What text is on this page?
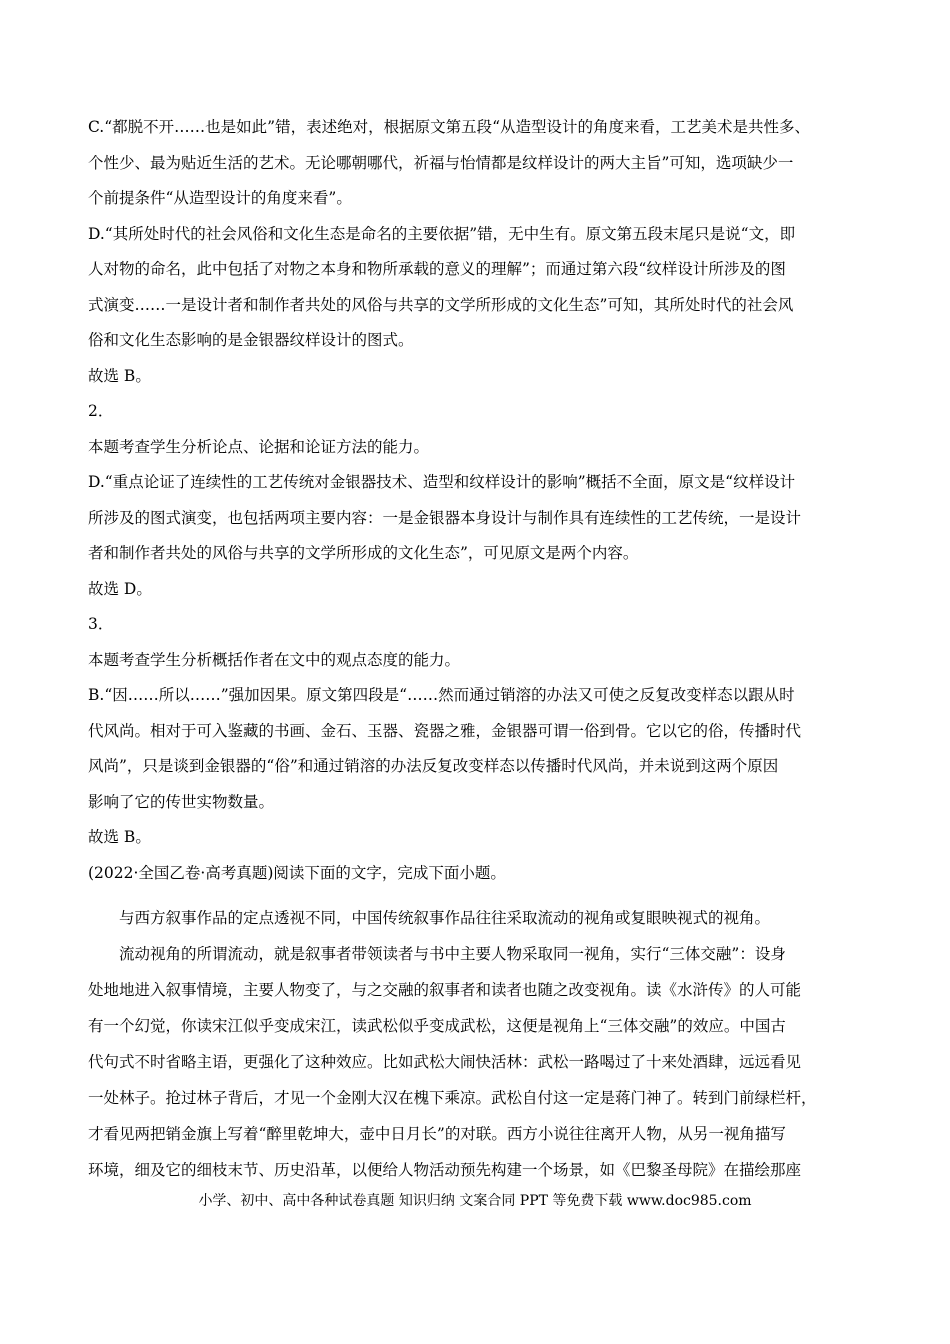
C.“都脱不开……也是如此”错，表述绝对，根据原文第五段“从造型设计的角度来看，工艺美术是共性多、

个性少、最为贴近生活的艺术。无论哪朝哪代，祈福与怡情都是纹样设计的两大主旨”可知，选项缺少一

个前提条件“从造型设计的角度来看”。

D.“其所处时代的社会风俗和文化生态是命名的主要依据”错，无中生有。原文第五段末尾只是说“文，即

人对物的命名，此中包括了对物之本身和物所承载的意义的理解”；而通过第六段“纹样设计所涉及的图

式演变……一是设计者和制作者共处的风俗与共享的文学所形成的文化生态”可知，其所处时代的社会风

俗和文化生态影响的是金银器纹样设计的图式。

故选 B。

2．

本题考查学生分析论点、论据和论证方法的能力。

D.“重点论证了连续性的工艺传统对金银器技术、造型和纹样设计的影响”概括不全面，原文是“纹样设计

所涉及的图式演变，也包括两项主要内容：一是金银器本身设计与制作具有连续性的工艺传统，一是设计

者和制作者共处的风俗与共享的文学所形成的文化生态”，可见原文是两个内容。

故选 D。

3．

本题考查学生分析概括作者在文中的观点态度的能力。

B.“因……所以……”强加因果。原文第四段是“……然而通过销溶的办法又可使之反复改变样态以跟从时

代风尚。相对于可入鉴藏的书画、金石、玉器、瓷器之雅，金银器可谓一俗到骨。它以它的俗，传播时代

风尚”，只是谈到金银器的“俗”和通过销溶的办法反复改变样态以传播时代风尚，并未说到这两个原因

影响了它的传世实物数量。

故选 B。

(2022·全国乙卷·高考真题)阅读下面的文字，完成下面小题。

与西方叙事作品的定点透视不同，中国传统叙事作品往往采取流动的视角或复眼映视式的视角。

流动视角的所谓流动，就是叙事者带领读者与书中主要人物采取同一视角，实行“三体交融”：设身

处地地进入叙事情境，主要人物变了，与之交融的叙事者和读者也随之改变视角。读《水浒传》的人可能

有一个幻觉，你读宋江似乎变成宋江，读武松似乎变成武松，这便是视角上“三体交融”的效应。中国古

代句式不时省略主语，更强化了这种效应。比如武松大闹快活林：武松一路喝过了十来处酒肆，远远看见

一处林子。抢过林子背后，才见一个金刚大汉在槐下乘凉。武松自付这一定是蒋门神了。转到门前绿栏杆，

才看见两把销金旗上写着“醉里乾坤大，壶中日月长”的对联。西方小说往往离开人物，从另一视角描写

环境，细及它的细枝末节、历史沿革，以便给人物活动预先构建一个场景，如《巴黎圣母院》在描绘那座

小学、初中、高中各种试卷真题 知识归纳 文案合同 PPT 等免费下载 www.doc985.com
